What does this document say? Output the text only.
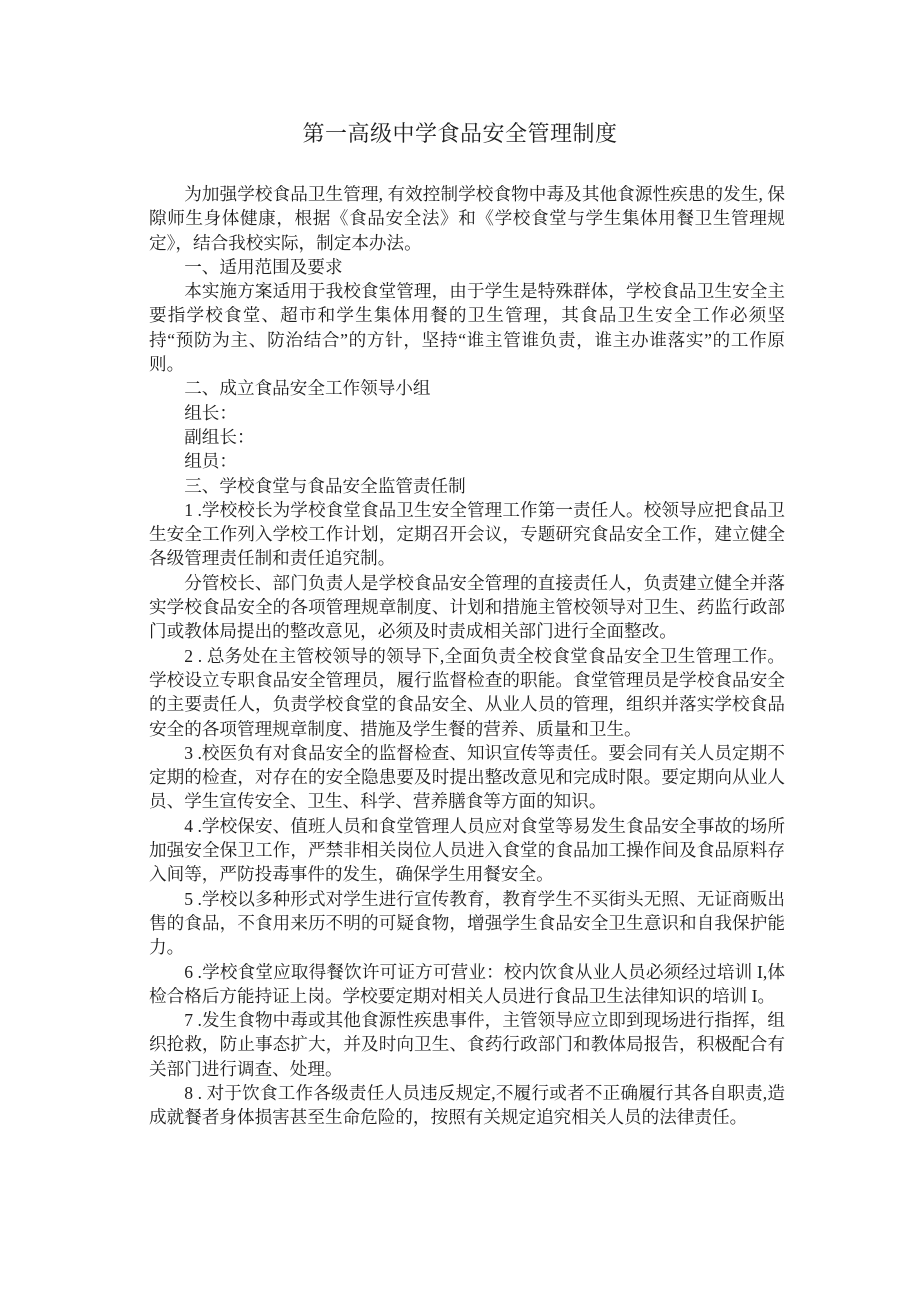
第一高级中学食品安全管理制度

为加强学校食品卫生管理, 有效控制学校食物中毒及其他食源性疾患的发生, 保隙师生身体健康，根据《食品安全法》和《学校食堂与学生集体用餐卫生管理规定》，结合我校实际，制定本办法。

一、适用范围及要求

本实施方案适用于我校食堂管理，由于学生是特殊群体，学校食品卫生安全主要指学校食堂、超市和学生集体用餐的卫生管理，其食品卫生安全工作必须坚持“预防为主、防治结合”的方针，坚持“谁主管谁负责，谁主办谁落实”的工作原则。

二、成立食品安全工作领导小组

组长：

副组长：

组员：

三、学校食堂与食品安全监管责任制

1 .学校校长为学校食堂食品卫生安全管理工作第一责任人。校领导应把食品卫生安全工作列入学校工作计划，定期召开会议，专题研究食品安全工作，建立健全各级管理责任制和责任追究制。

分管校长、部门负责人是学校食品安全管理的直接责任人，负责建立健全并落实学校食品安全的各项管理规章制度、计划和措施主管校领导对卫生、药监行政部门或教体局提出的整改意见，必须及时责成相关部门进行全面整改。

2 . 总务处在主管校领导的领导下,全面负责全校食堂食品安全卫生管理工作。学校设立专职食品安全管理员，履行监督检查的职能。食堂管理员是学校食品安全的主要责任人，负责学校食堂的食品安全、从业人员的管理，组织并落实学校食品安全的各项管理规章制度、措施及学生餐的营养、质量和卫生。

3 .校医负有对食品安全的监督检查、知识宣传等责任。要会同有关人员定期不定期的检查，对存在的安全隐患要及时提出整改意见和完成时限。要定期向从业人员、学生宣传安全、卫生、科学、营养膳食等方面的知识。

4 .学校保安、值班人员和食堂管理人员应对食堂等易发生食品安全事故的场所加强安全保卫工作，严禁非相关岗位人员进入食堂的食品加工操作间及食品原料存入间等，严防投毒事件的发生，确保学生用餐安全。

5 .学校以多种形式对学生进行宣传教育，教育学生不买街头无照、无证商贩出售的食品，不食用来历不明的可疑食物，增强学生食品安全卫生意识和自我保护能力。

6 .学校食堂应取得餐饮许可证方可营业：校内饮食从业人员必须经过培训 I,体检合格后方能持证上岗。学校要定期对相关人员进行食品卫生法律知识的培训 I。

7 .发生食物中毒或其他食源性疾患事件，主管领导应立即到现场进行指挥，组织抢救，防止事态扩大，并及时向卫生、食药行政部门和教体局报告，积极配合有关部门进行调查、处理。

8 . 对于饮食工作各级责任人员违反规定,不履行或者不正确履行其各自职责,造成就餐者身体损害甚至生命危险的，按照有关规定追究相关人员的法律责任。
